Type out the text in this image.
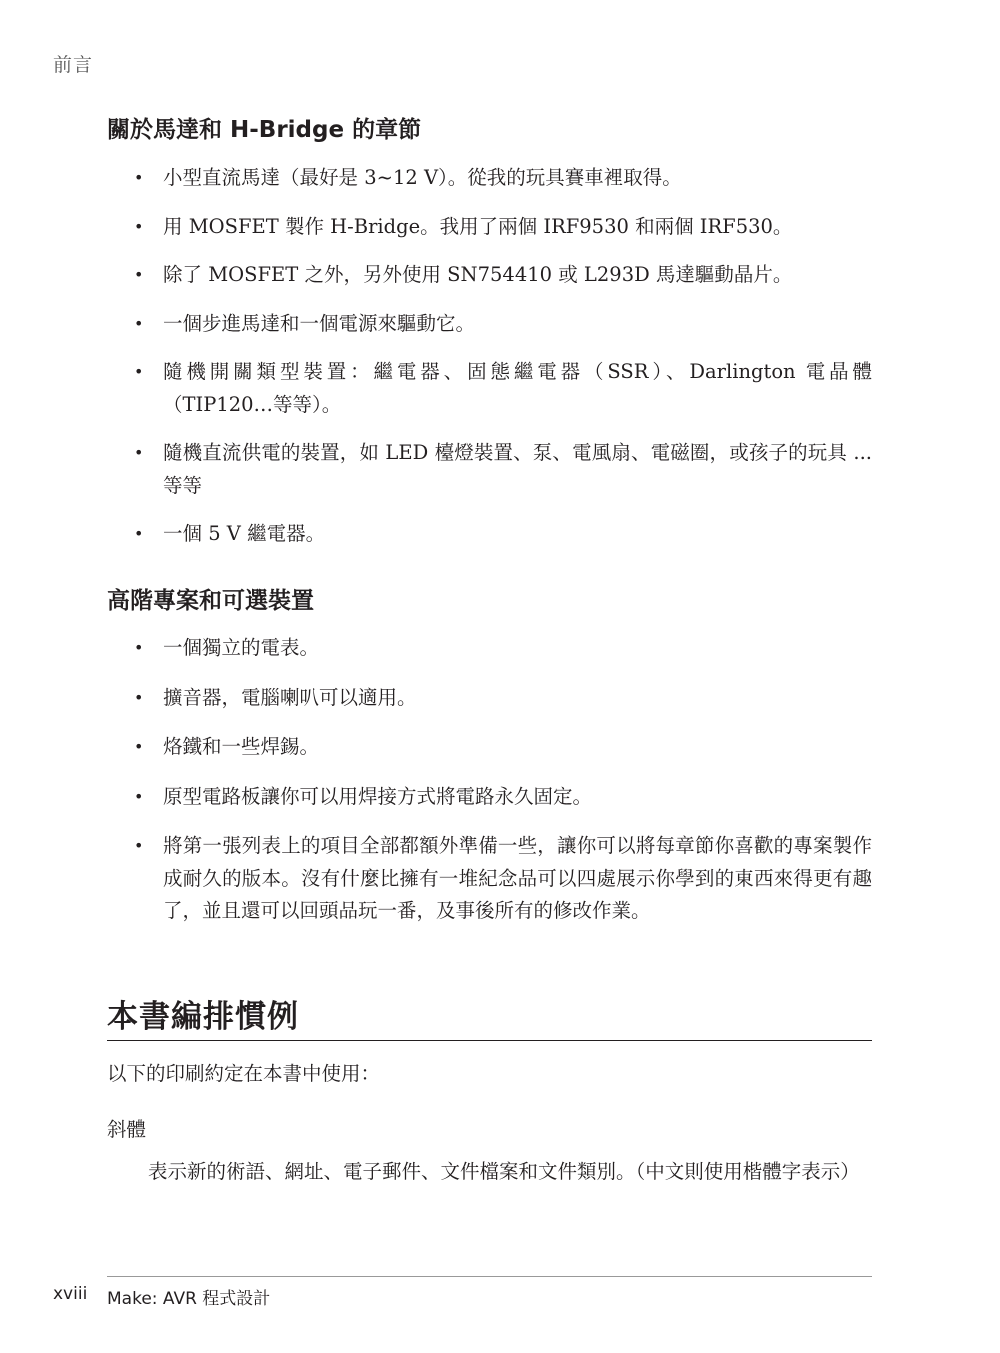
前言
關於馬達和 H-Bridge 的章節
• 小型直流馬達（最好是 3~12 V）。從我的玩具賽車裡取得。
• 用 MOSFET 製作 H-Bridge。我用了兩個 IRF9530 和兩個 IRF530。
• 除了 MOSFET 之外，另外使用 SN754410 或 L293D 馬達驅動晶片。
• 一個步進馬達和一個電源來驅動它。
• 隨機開關類型裝置：繼電器、固態繼電器（SSR）、Darlington 電晶體（TIP120…等等）。
• 隨機直流供電的裝置，如 LED 檯燈裝置、泵、電風扇、電磁圈，或孩子的玩具 ... 等等
• 一個 5 V 繼電器。
高階專案和可選裝置
• 一個獨立的電表。
• 擴音器，電腦喇叭可以適用。
• 烙鐵和一些焊錫。
• 原型電路板讓你可以用焊接方式將電路永久固定。
• 將第一張列表上的項目全部都額外準備一些，讓你可以將每章節你喜歡的專案製作成耐久的版本。沒有什麼比擁有一堆紀念品可以四處展示你學到的東西來得更有趣了，並且還可以回頭品玩一番，及事後所有的修改作業。
本書編排慣例
以下的印刷約定在本書中使用：
斜體
表示新的術語、網址、電子郵件、文件檔案和文件類別。（中文則使用楷體字表示）
xviii Make: AVR 程式設計
